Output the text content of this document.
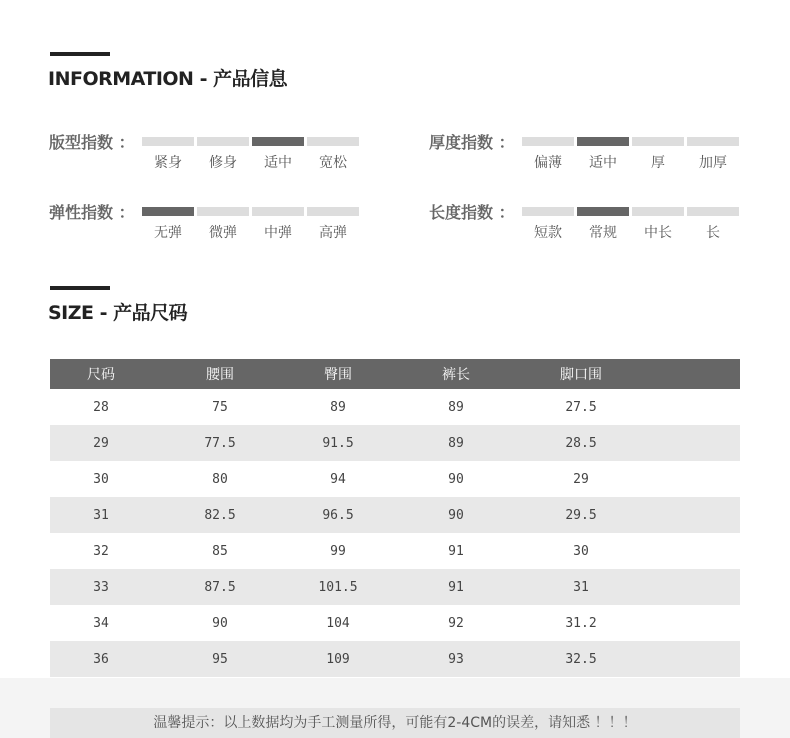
INFORMATION - 产品信息
版型指数 ：
紧身	修身	适中	宽松
厚度指数 ：
偏薄	适中	厚	加厚
弹性指数 ：
无弹	微弹	中弹	高弹
长度指数 ：
短款	常规	中长	长
SIZE - 产品尺码
尺码	腰围	臀围	裤长	脚口围	
28	75	89	89	27.5	
29	77.5	91.5	89	28.5	
30	80	94	90	29	
31	82.5	96.5	90	29.5	
32	85	99	91	30	
33	87.5	101.5	91	31	
34	90	104	92	31.2	
36	95	109	93	32.5	
温馨提示：以上数据均为手工测量所得，可能有2-4CM的误差，请知悉 ！！！
